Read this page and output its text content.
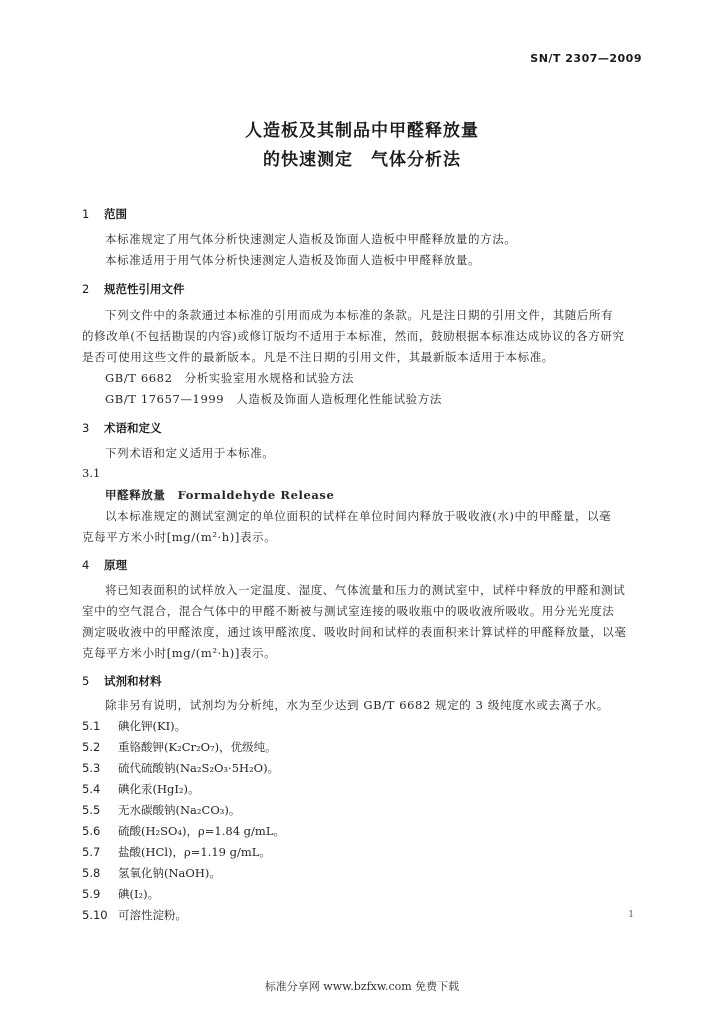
SN/T 2307—2009
人造板及其制品中甲醛释放量
的快速测定　气体分析法
1 范围
本标准规定了用气体分析快速测定人造板及饰面人造板中甲醛释放量的方法。
本标准适用于用气体分析快速测定人造板及饰面人造板中甲醛释放量。
2 规范性引用文件
下列文件中的条款通过本标准的引用而成为本标准的条款。凡是注日期的引用文件，其随后所有
的修改单(不包括勘误的内容)或修订版均不适用于本标准，然而，鼓励根据本标准达成协议的各方研究
是否可使用这些文件的最新版本。凡是不注日期的引用文件，其最新版本适用于本标准。
GB/T 6682　分析实验室用水规格和试验方法
GB/T 17657—1999　人造板及饰面人造板理化性能试验方法
3 术语和定义
下列术语和定义适用于本标准。
3.1
甲醛释放量　Formaldehyde Release
以本标准规定的测试室测定的单位面积的试样在单位时间内释放于吸收液(水)中的甲醛量，以毫
克每平方米小时[mg/(m²·h)]表示。
4 原理
将已知表面积的试样放入一定温度、湿度、气体流量和压力的测试室中，试样中释放的甲醛和测试
室中的空气混合，混合气体中的甲醛不断被与测试室连接的吸收瓶中的吸收液所吸收。用分光光度法
测定吸收液中的甲醛浓度，通过该甲醛浓度、吸收时间和试样的表面积来计算试样的甲醛释放量，以毫
克每平方米小时[mg/(m²·h)]表示。
5 试剂和材料
除非另有说明，试剂均为分析纯，水为至少达到 GB/T 6682 规定的 3 级纯度水或去离子水。
5.1 碘化钾(KI)。
5.2 重铬酸钾(K₂Cr₂O₇)，优级纯。
5.3 硫代硫酸钠(Na₂S₂O₃·5H₂O)。
5.4 碘化汞(HgI₂)。
5.5 无水碳酸钠(Na₂CO₃)。
5.6 硫酸(H₂SO₄)，ρ=1.84 g/mL。
5.7 盐酸(HCl)，ρ=1.19 g/mL。
5.8 氢氧化钠(NaOH)。
5.9 碘(I₂)。
5.10 可溶性淀粉。	1
标准分享网 www.bzfxw.com 免费下载
